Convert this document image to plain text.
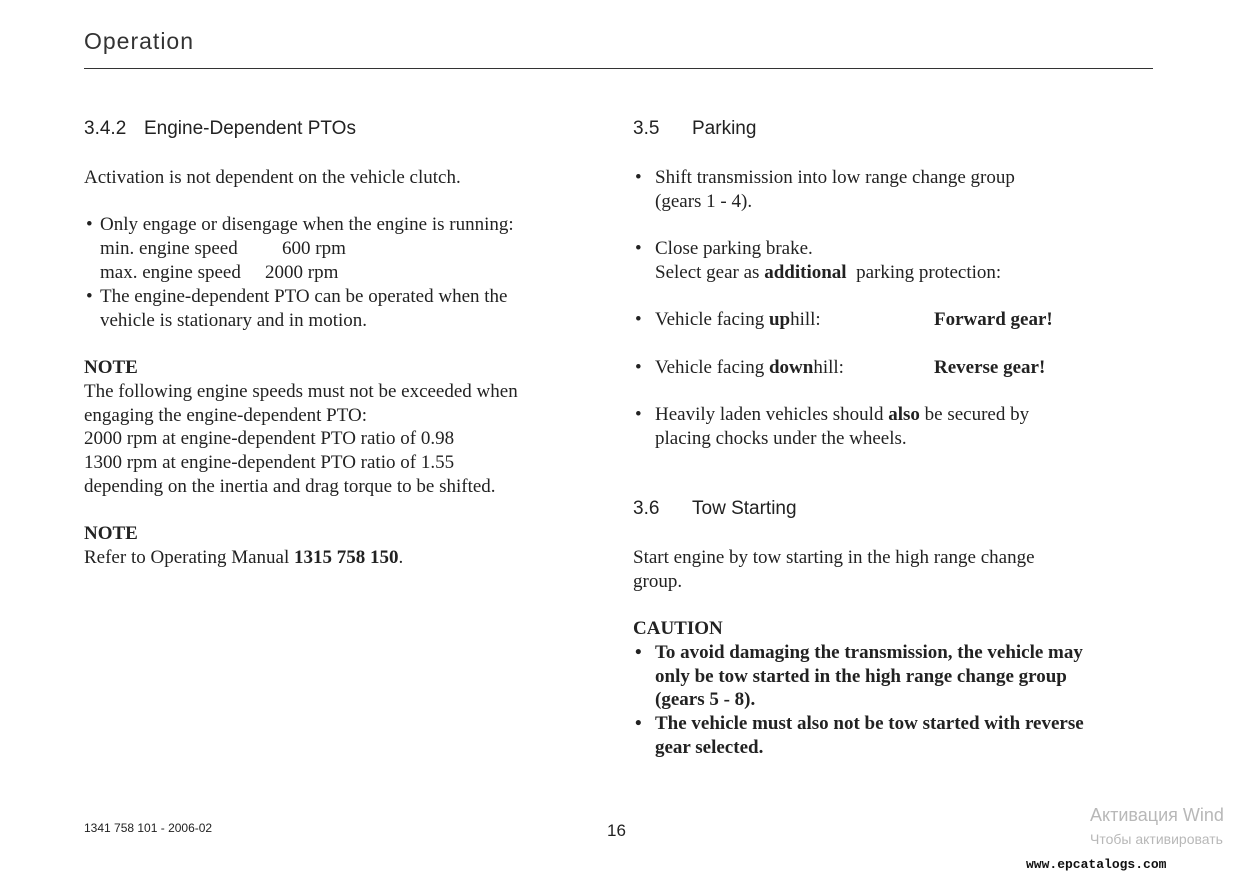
Operation
3.4.2 Engine-Dependent PTOs
Activation is not dependent on the vehicle clutch.
• Only engage or disengage when the engine is running:
min. engine speed 600 rpm
max. engine speed 2000 rpm
• The engine-dependent PTO can be operated when the
vehicle is stationary and in motion.
NOTE
The following engine speeds must not be exceeded when
engaging the engine-dependent PTO:
2000 rpm at engine-dependent PTO ratio of 0.98
1300 rpm at engine-dependent PTO ratio of 1.55
depending on the inertia and drag torque to be shifted.
NOTE
Refer to Operating Manual 1315 758 150.
3.5 Parking
• Shift transmission into low range change group
(gears 1 - 4).
• Close parking brake.
Select gear as additional  parking protection:
• Vehicle facing uphill:	Forward gear!
• Vehicle facing downhill:	Reverse gear!
• Heavily laden vehicles should also be secured by
placing chocks under the wheels.
3.6 Tow Starting
Start engine by tow starting in the high range change
group.
CAUTION
• To avoid damaging the transmission, the vehicle may
only be tow started in the high range change group
(gears 5 - 8).
• The vehicle must also not be tow started with reverse
gear selected.
1341 758 101 - 2006-02	16
Активация Wind
Чтобы активировать
www.epcatalogs.com
